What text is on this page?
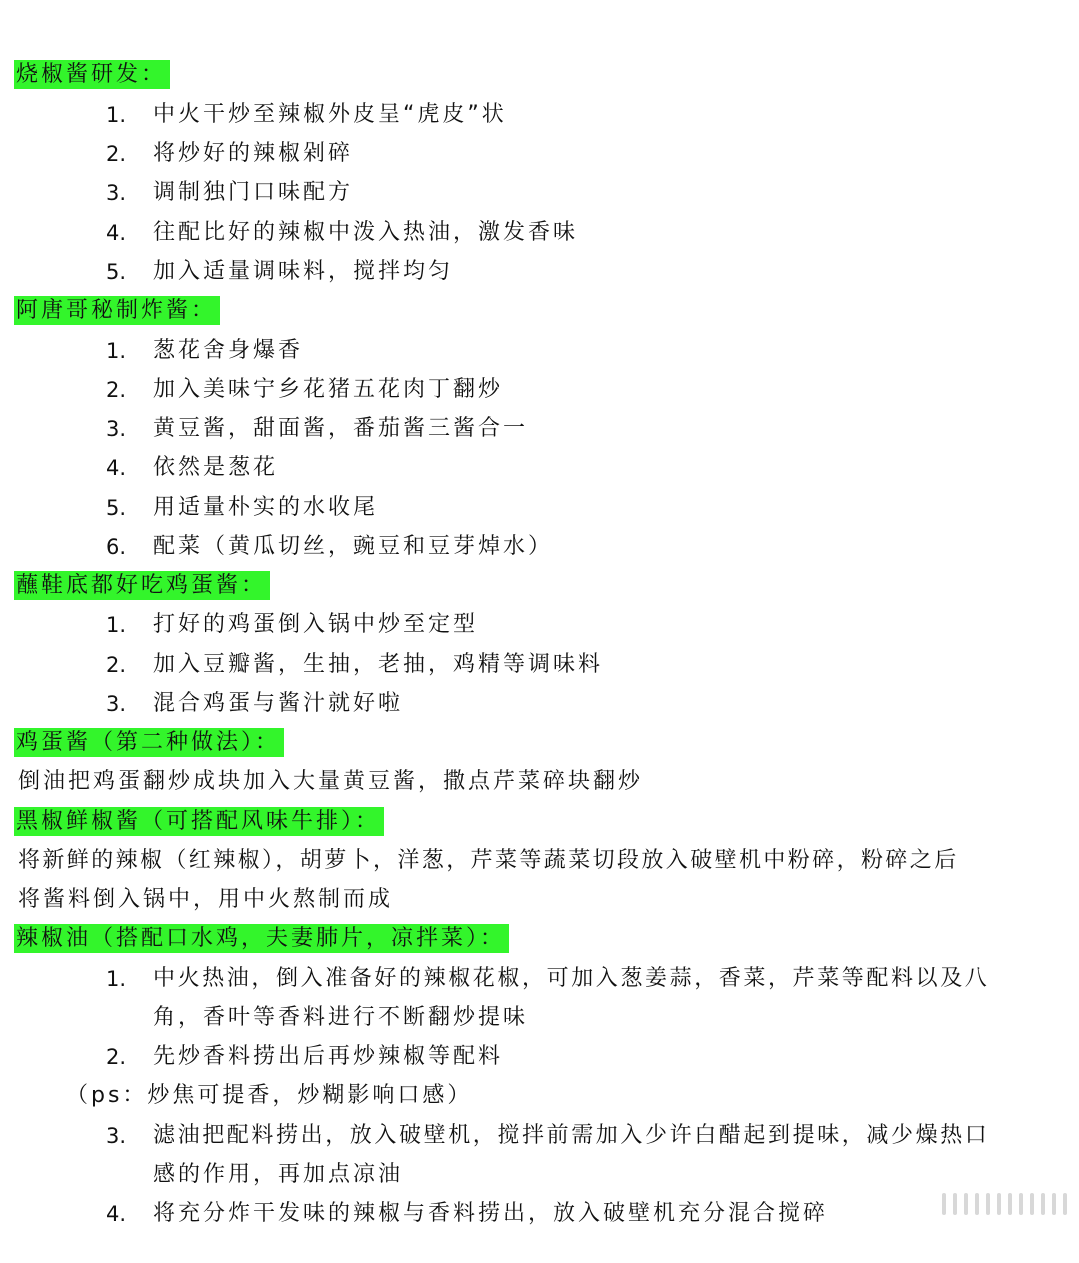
烧椒酱研发：
1. 中火干炒至辣椒外皮呈“虎皮”状
2. 将炒好的辣椒剁碎
3. 调制独门口味配方
4. 往配比好的辣椒中泼入热油，激发香味
5. 加入适量调味料，搅拌均匀
阿唐哥秘制炸酱：
1. 葱花舍身爆香
2. 加入美味宁乡花猪五花肉丁翻炒
3. 黄豆酱，甜面酱，番茄酱三酱合一
4. 依然是葱花
5. 用适量朴实的水收尾
6. 配菜（黄瓜切丝，豌豆和豆芽焯水）
蘸鞋底都好吃鸡蛋酱：
1. 打好的鸡蛋倒入锅中炒至定型
2. 加入豆瓣酱，生抽，老抽，鸡精等调味料
3. 混合鸡蛋与酱汁就好啦
鸡蛋酱（第二种做法）：
倒油把鸡蛋翻炒成块加入大量黄豆酱，撒点芹菜碎块翻炒
黑椒鲜椒酱（可搭配风味牛排）：
将新鲜的辣椒（红辣椒），胡萝卜，洋葱，芹菜等蔬菜切段放入破壁机中粉碎，粉碎之后
将酱料倒入锅中，用中火熬制而成
辣椒油（搭配口水鸡，夫妻肺片，凉拌菜）：
1. 中火热油，倒入准备好的辣椒花椒，可加入葱姜蒜，香菜，芹菜等配料以及八
角，香叶等香料进行不断翻炒提味
2. 先炒香料捞出后再炒辣椒等配料
（ps：炒焦可提香，炒糊影响口感）
3. 滤油把配料捞出，放入破壁机，搅拌前需加入少许白醋起到提味，减少燥热口
感的作用，再加点凉油
4. 将充分炸干发味的辣椒与香料捞出，放入破壁机充分混合搅碎
